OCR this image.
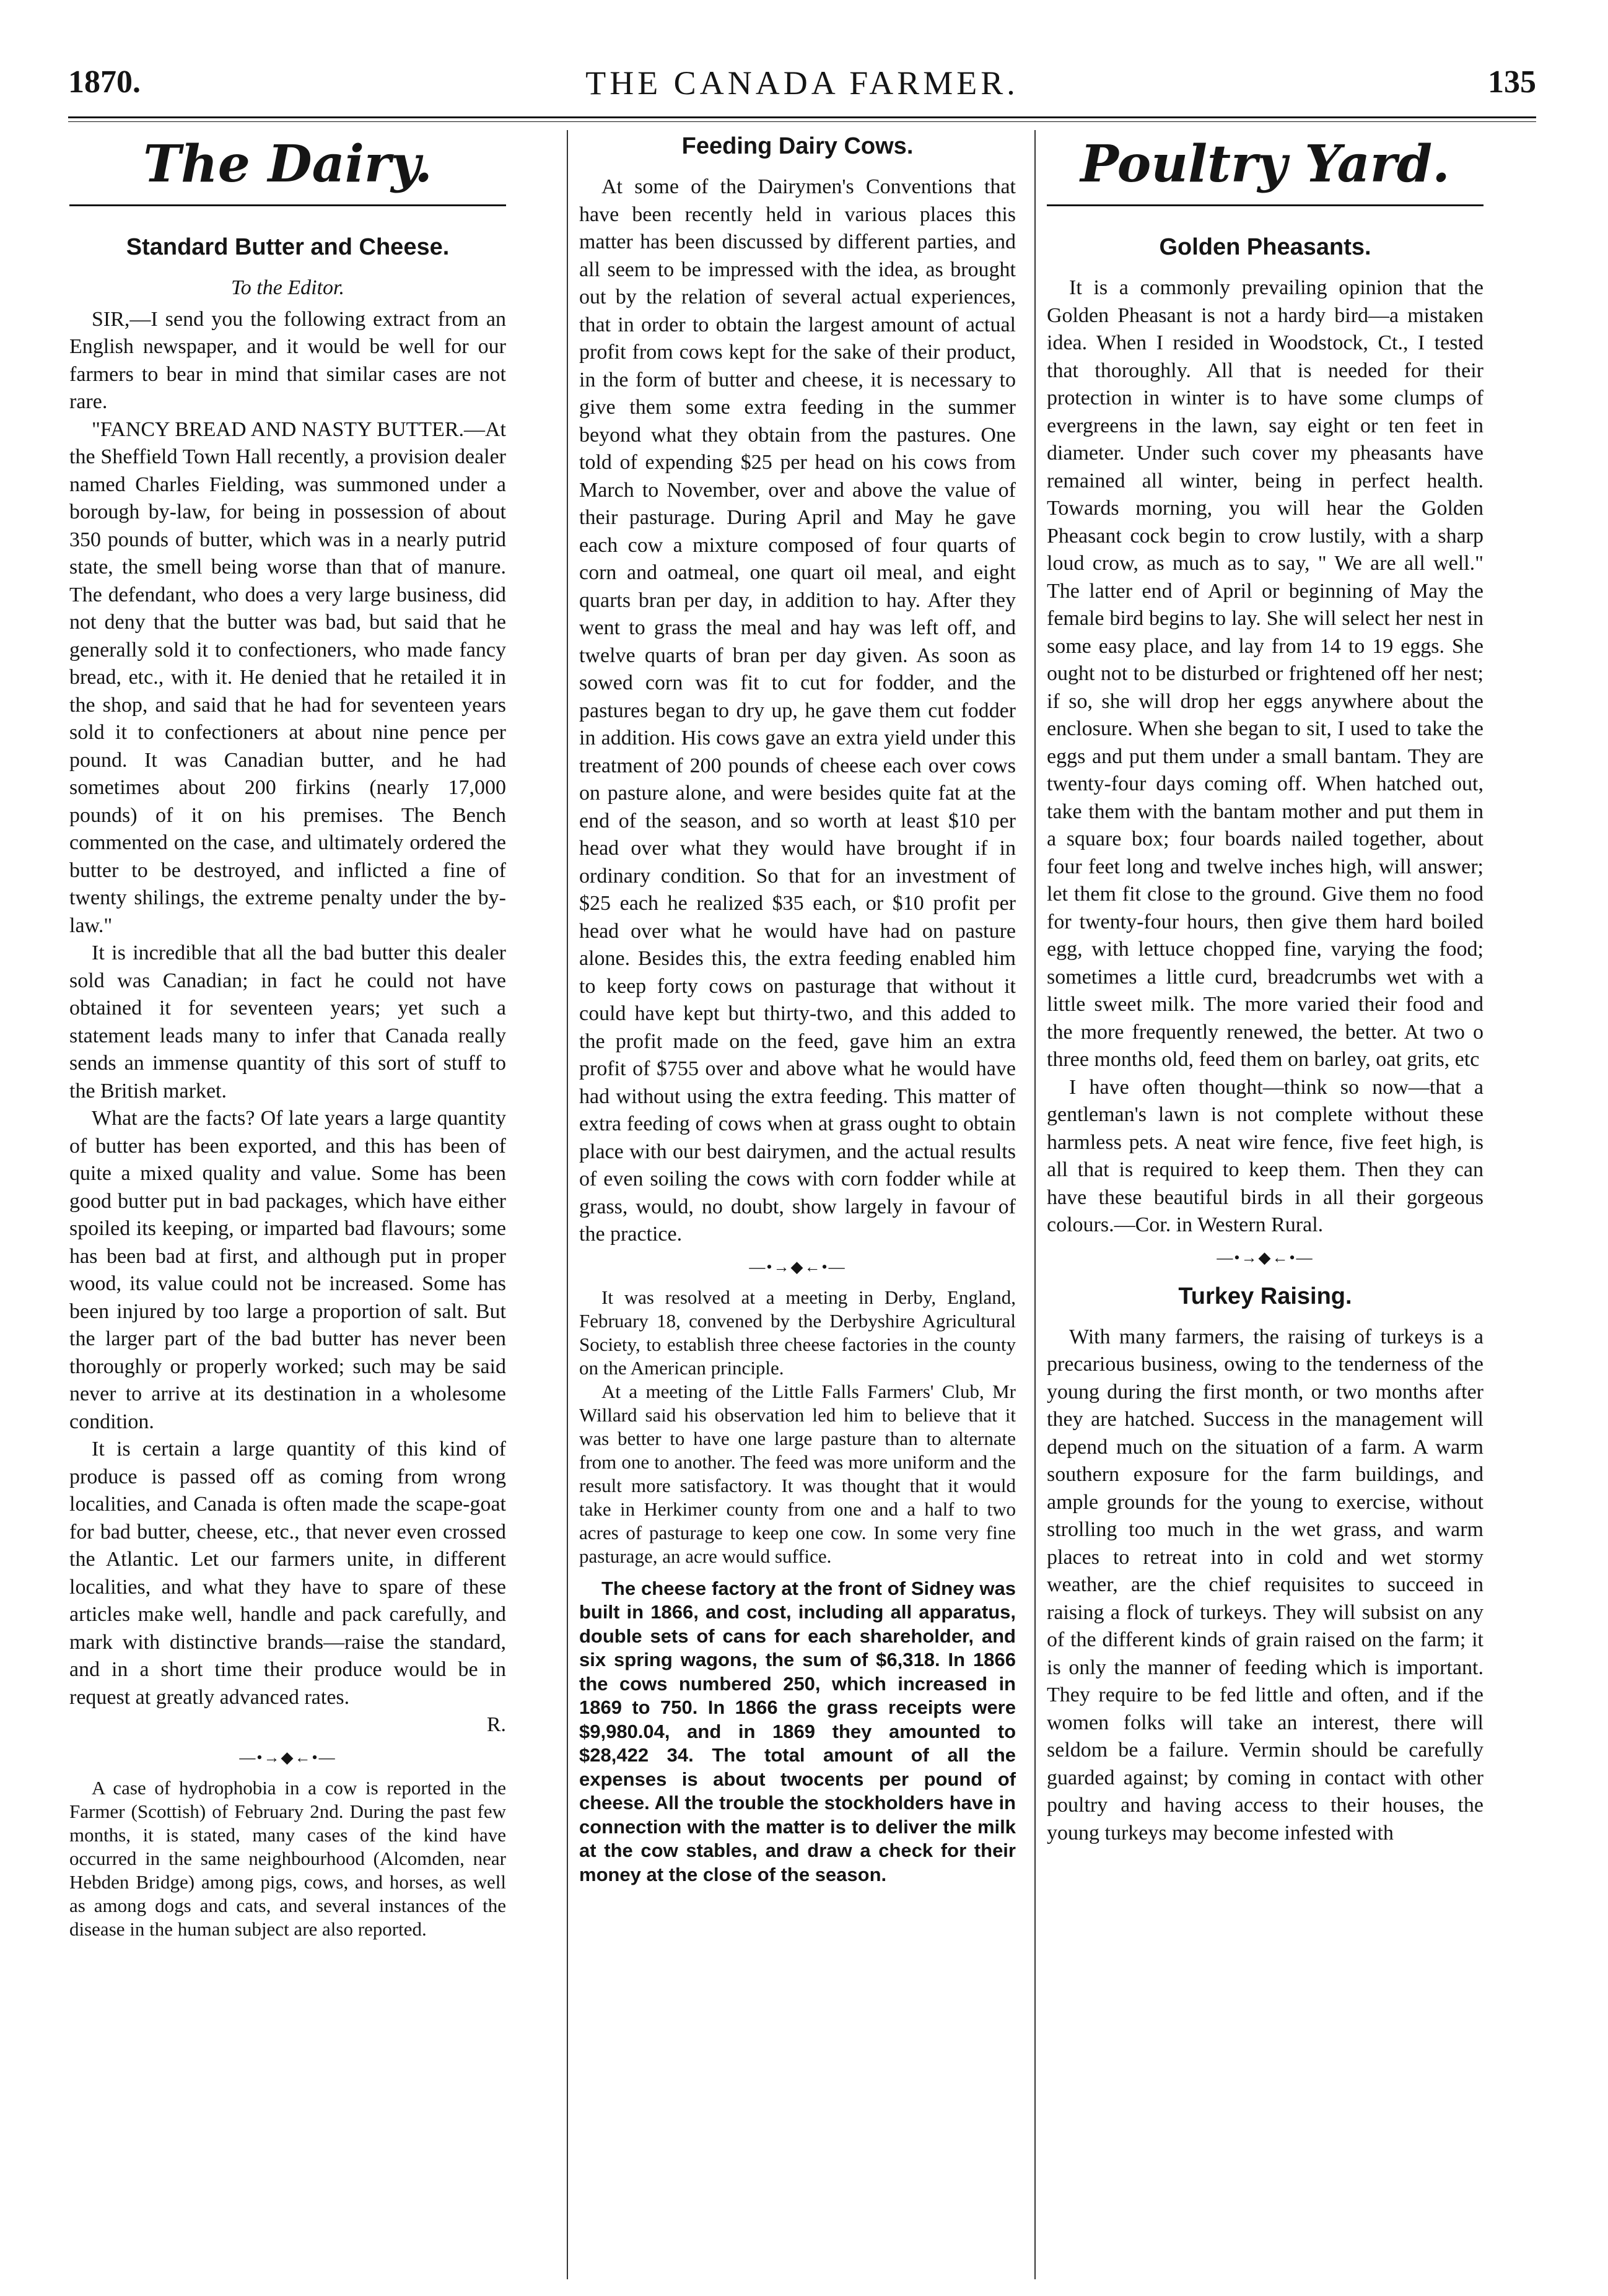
1870.	THE CANADA FARMER.	135
The Dairy.
Standard Butter and Cheese.
To the Editor.

SIR,—I send you the following extract from an English newspaper, and it would be well for our farmers to bear in mind that similar cases are not rare.

"FANCY BREAD AND NASTY BUTTER.—At the Sheffield Town Hall recently, a provision dealer named Charles Fielding, was summoned under a borough by-law, for being in possession of about 350 pounds of butter, which was in a nearly putrid state, the smell being worse than that of manure. The defendant, who does a very large business, did not deny that the butter was bad, but said that he generally sold it to confectioners, who made fancy bread, etc., with it. He denied that he retailed it in the shop, and said that he had for seventeen years sold it to confectioners at about nine pence per pound. It was Canadian butter, and he had sometimes about 200 firkins (nearly 17,000 pounds) of it on his premises. The Bench commented on the case, and ultimately ordered the butter to be destroyed, and inflicted a fine of twenty shilings, the extreme penalty under the by-law."

It is incredible that all the bad butter this dealer sold was Canadian; in fact he could not have obtained it for seventeen years; yet such a statement leads many to infer that Canada really sends an immense quantity of this sort of stuff to the British market.

What are the facts? Of late years a large quantity of butter has been exported, and this has been of quite a mixed quality and value. Some has been good butter put in bad packages, which have either spoiled its keeping, or imparted bad flavours; some has been bad at first, and although put in proper wood, its value could not be increased. Some has been injured by too large a proportion of salt. But the larger part of the bad butter has never been thoroughly or properly worked; such may be said never to arrive at its destination in a wholesome condition.

It is certain a large quantity of this kind of produce is passed off as coming from wrong localities, and Canada is often made the scape-goat for bad butter, cheese, etc., that never even crossed the Atlantic. Let our farmers unite, in different localities, and what they have to spare of these articles make well, handle and pack carefully, and mark with distinctive brands—raise the standard, and in a short time their produce would be in request at greatly advanced rates.

R.
—•→◆←•—

A case of hydrophobia in a cow is reported in the Farmer (Scottish) of February 2nd. During the past few months, it is stated, many cases of the kind have occurred in the same neighbourhood (Alcomden, near Hebden Bridge) among pigs, cows, and horses, as well as among dogs and cats, and several instances of the disease in the human subject are also reported.

Feeding Dairy Cows.

At some of the Dairymen's Conventions that have been recently held in various places this matter has been discussed by different parties, and all seem to be impressed with the idea, as brought out by the relation of several actual experiences, that in order to obtain the largest amount of actual profit from cows kept for the sake of their product, in the form of butter and cheese, it is necessary to give them some extra feeding in the summer beyond what they obtain from the pastures. One told of expending $25 per head on his cows from March to November, over and above the value of their pasturage. During April and May he gave each cow a mixture composed of four quarts of corn and oatmeal, one quart oil meal, and eight quarts bran per day, in addition to hay. After they went to grass the meal and hay was left off, and twelve quarts of bran per day given. As soon as sowed corn was fit to cut for fodder, and the pastures began to dry up, he gave them cut fodder in addition. His cows gave an extra yield under this treatment of 200 pounds of cheese each over cows on pasture alone, and were besides quite fat at the end of the season, and so worth at least $10 per head over what they would have brought if in ordinary condition. So that for an investment of $25 each he realized $35 each, or $10 profit per head over what he would have had on pasture alone. Besides this, the extra feeding enabled him to keep forty cows on pasturage that without it could have kept but thirty-two, and this added to the profit made on the feed, gave him an extra profit of $755 over and above what he would have had without using the extra feeding. This matter of extra feeding of cows when at grass ought to obtain place with our best dairymen, and the actual results of even soiling the cows with corn fodder while at grass, would, no doubt, show largely in favour of the practice.

—•→◆←•—

It was resolved at a meeting in Derby, England, February 18, convened by the Derbyshire Agricultural Society, to establish three cheese factories in the county on the American principle.

At a meeting of the Little Falls Farmers' Club, Mr Willard said his observation led him to believe that it was better to have one large pasture than to alternate from one to another. The feed was more uniform and the result more satisfactory. It was thought that it would take in Herkimer county from one and a half to two acres of pasturage to keep one cow. In some very fine pasturage, an acre would suffice.

The cheese factory at the front of Sidney was built in 1866, and cost, including all apparatus, double sets of cans for each shareholder, and six spring wagons, the sum of $6,318. In 1866 the cows numbered 250, which increased in 1869 to 750. In 1866 the grass receipts were $9,980.04, and in 1869 they amounted to $28,422 34. The total amount of all the expenses is about twocents per pound of cheese. All the trouble the stockholders have in connection with the matter is to deliver the milk at the cow stables, and draw a check for their money at the close of the season.

Poultry Yard.
Golden Pheasants.

It is a commonly prevailing opinion that the Golden Pheasant is not a hardy bird—a mistaken idea. When I resided in Woodstock, Ct., I tested that thoroughly. All that is needed for their protection in winter is to have some clumps of evergreens in the lawn, say eight or ten feet in diameter. Under such cover my pheasants have remained all winter, being in perfect health. Towards morning, you will hear the Golden Pheasant cock begin to crow lustily, with a sharp loud crow, as much as to say, " We are all well." The latter end of April or beginning of May the female bird begins to lay. She will select her nest in some easy place, and lay from 14 to 19 eggs. She ought not to be disturbed or frightened off her nest; if so, she will drop her eggs anywhere about the enclosure. When she began to sit, I used to take the eggs and put them under a small bantam. They are twenty-four days coming off. When hatched out, take them with the bantam mother and put them in a square box; four boards nailed together, about four feet long and twelve inches high, will answer; let them fit close to the ground. Give them no food for twenty-four hours, then give them hard boiled egg, with lettuce chopped fine, varying the food; sometimes a little curd, breadcrumbs wet with a little sweet milk. The more varied their food and the more frequently renewed, the better. At two o three months old, feed them on barley, oat grits, etc

I have often thought—think so now—that a gentleman's lawn is not complete without these harmless pets. A neat wire fence, five feet high, is all that is required to keep them. Then they can have these beautiful birds in all their gorgeous colours.—Cor. in Western Rural.

—•→◆←•—
Turkey Raising.

With many farmers, the raising of turkeys is a precarious business, owing to the tenderness of the young during the first month, or two months after they are hatched. Success in the management will depend much on the situation of a farm. A warm southern exposure for the farm buildings, and ample grounds for the young to exercise, without strolling too much in the wet grass, and warm places to retreat into in cold and wet stormy weather, are the chief requisites to succeed in raising a flock of turkeys. They will subsist on any of the different kinds of grain raised on the farm; it is only the manner of feeding which is important. They require to be fed little and often, and if the women folks will take an interest, there will seldom be a failure. Vermin should be carefully guarded against; by coming in contact with other poultry and having access to their houses, the young turkeys may become infested with
